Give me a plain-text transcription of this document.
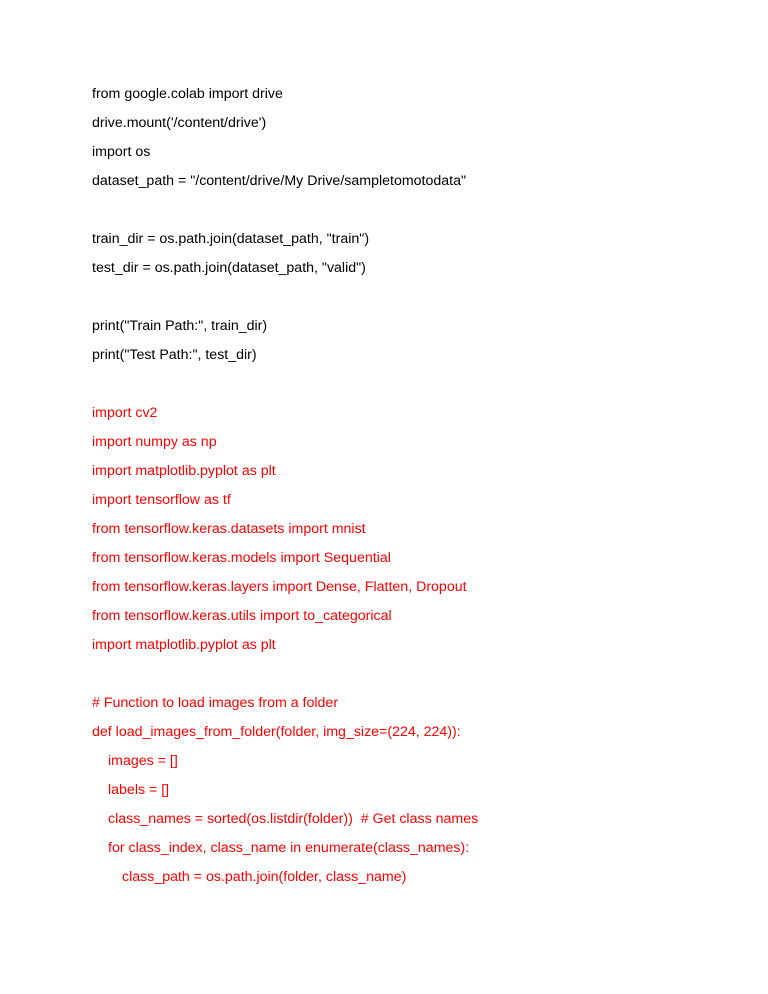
from google.colab import drive
drive.mount('/content/drive')
import os
dataset_path = "/content/drive/My Drive/sampletomotodata"
train_dir = os.path.join(dataset_path, "train")
test_dir = os.path.join(dataset_path, "valid")
print("Train Path:", train_dir)
print("Test Path:", test_dir)
import cv2
import numpy as np
import matplotlib.pyplot as plt
import tensorflow as tf
from tensorflow.keras.datasets import mnist
from tensorflow.keras.models import Sequential
from tensorflow.keras.layers import Dense, Flatten, Dropout
from tensorflow.keras.utils import to_categorical
import matplotlib.pyplot as plt
# Function to load images from a folder
def load_images_from_folder(folder, img_size=(224, 224)):
images = []
labels = []
class_names = sorted(os.listdir(folder))  # Get class names
for class_index, class_name in enumerate(class_names):
class_path = os.path.join(folder, class_name)
